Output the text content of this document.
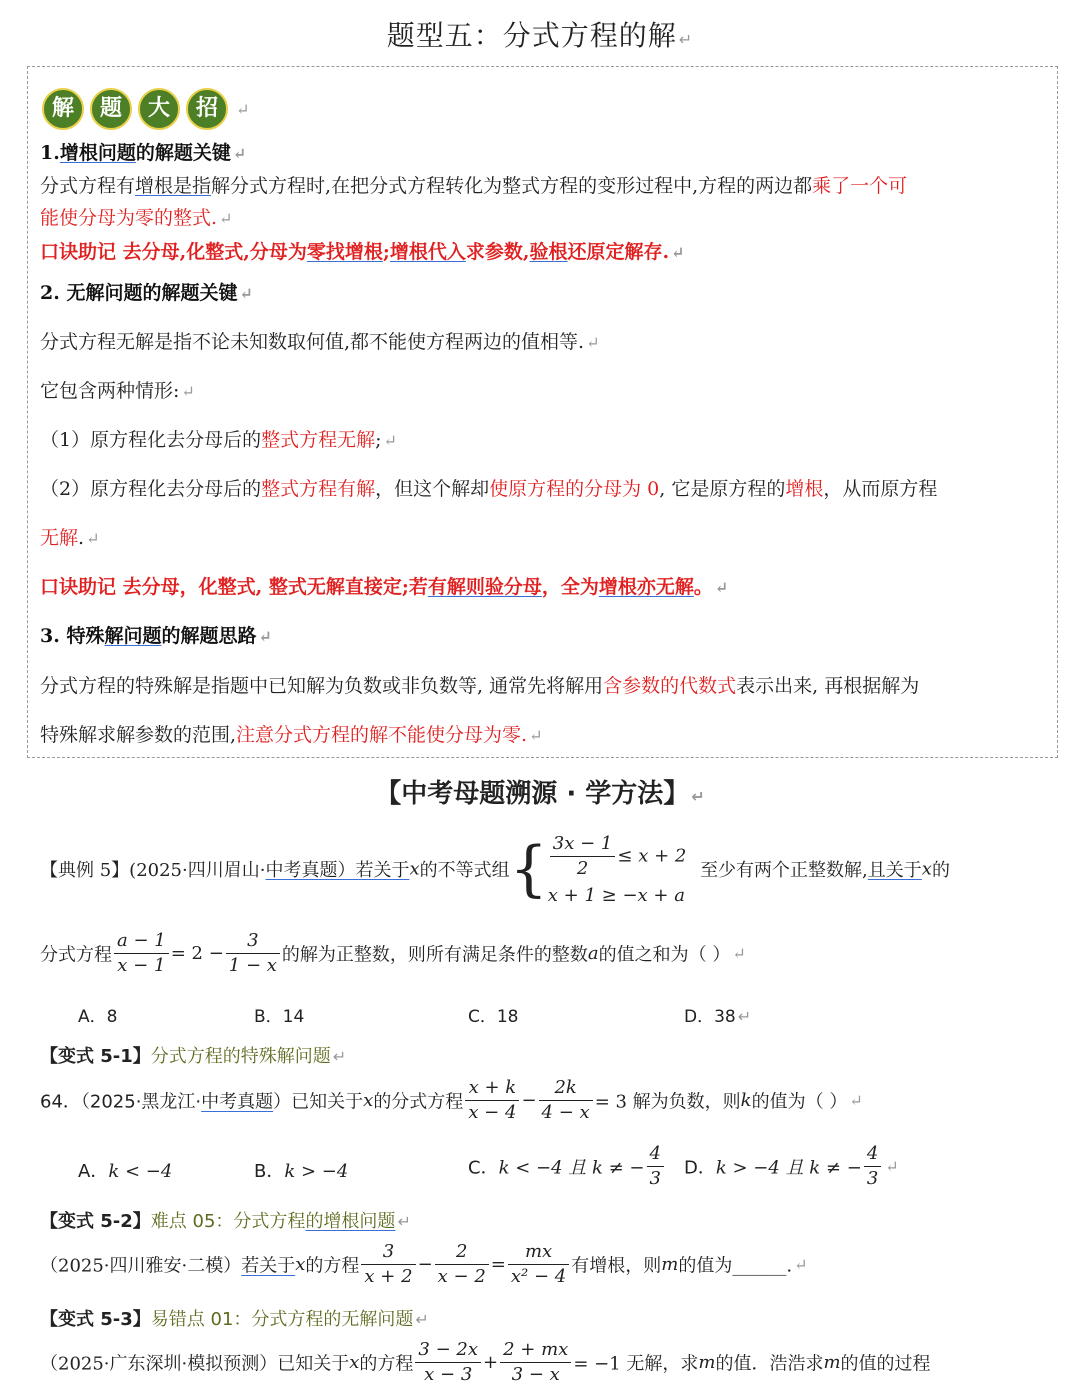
题型五：分式方程的解 ↵
解 题 大 招 ↵
1.增根问题的解题关键 ↵
分式方程有增根是指解分式方程时,在把分式方程转化为整式方程的变形过程中,方程的两边都乘了一个可
能使分母为零的整式. ↵
口诀助记 去分母,化整式,分母为零找增根;增根代入求参数,验根还原定解存. ↵
2. 无解问题的解题关键 ↵
分式方程无解是指不论未知数取何值,都不能使方程两边的值相等. ↵
它包含两种情形: ↵
（1）原方程化去分母后的整式方程无解; ↵
（2）原方程化去分母后的整式方程有解，但这个解却使原方程的分母为 0, 它是原方程的增根，从而原方程
无解. ↵
口诀助记 去分母，化整式, 整式无解直接定;若有解则验分母，全为增根亦无解。 ↵
3. 特殊解问题的解题思路 ↵
分式方程的特殊解是指题中已知解为负数或非负数等, 通常先将解用含参数的代数式表示出来, 再根据解为
特殊解求解参数的范围,注意分式方程的解不能使分母为零. ↵
【中考母题溯源 · 学方法】 ↵
【典例 5】(2025·四川眉山·中考真题）若关于x的不等式组{ $\frac{3x - 1}{2} \le x + 2$
x + 1 ≥ −x + a
至少有两个正整数解,且关于x的
分式方程 $\frac{a - 1}{x - 1} = 2 - \frac{3}{1 - x}$ 的解为正整数，则所有满足条件的整数a的值之和为（ ） ↵
A．8	B．14	C．18	D．38 ↵
【变式 5-1】分式方程的特殊解问题 ↵
64．（2025·黑龙江·中考真题）已知关于x的分式方程 $\frac{x + k}{x - 4} - \frac{2k}{4 - x} = 3$ 解为负数，则k的值为（ ） ↵
A．k < −4	B．k > −4	C．k < −4 且 k ≠ − $\frac{4}{3}$ D．k > −4 且 k ≠ − $\frac{4}{3}$ ↵
【变式 5-2】难点 05：分式方程的增根问题 ↵
（2025·四川雅安·二模）若关于x的方程 $\frac{3}{x + 2} - \frac{2}{x - 2} = \frac{mx}{\text{x² − 4}}$ 有增根，则m的值为______. ↵
【变式 5-3】易错点 01：分式方程的无解问题 ↵
（2025·广东深圳·模拟预测）已知关于x的方程 $\frac{3 - 2x}{x - 3} + \frac{2 + mx}{3 - x} = -1$ 无解，求m的值．浩浩求m的值的过程
